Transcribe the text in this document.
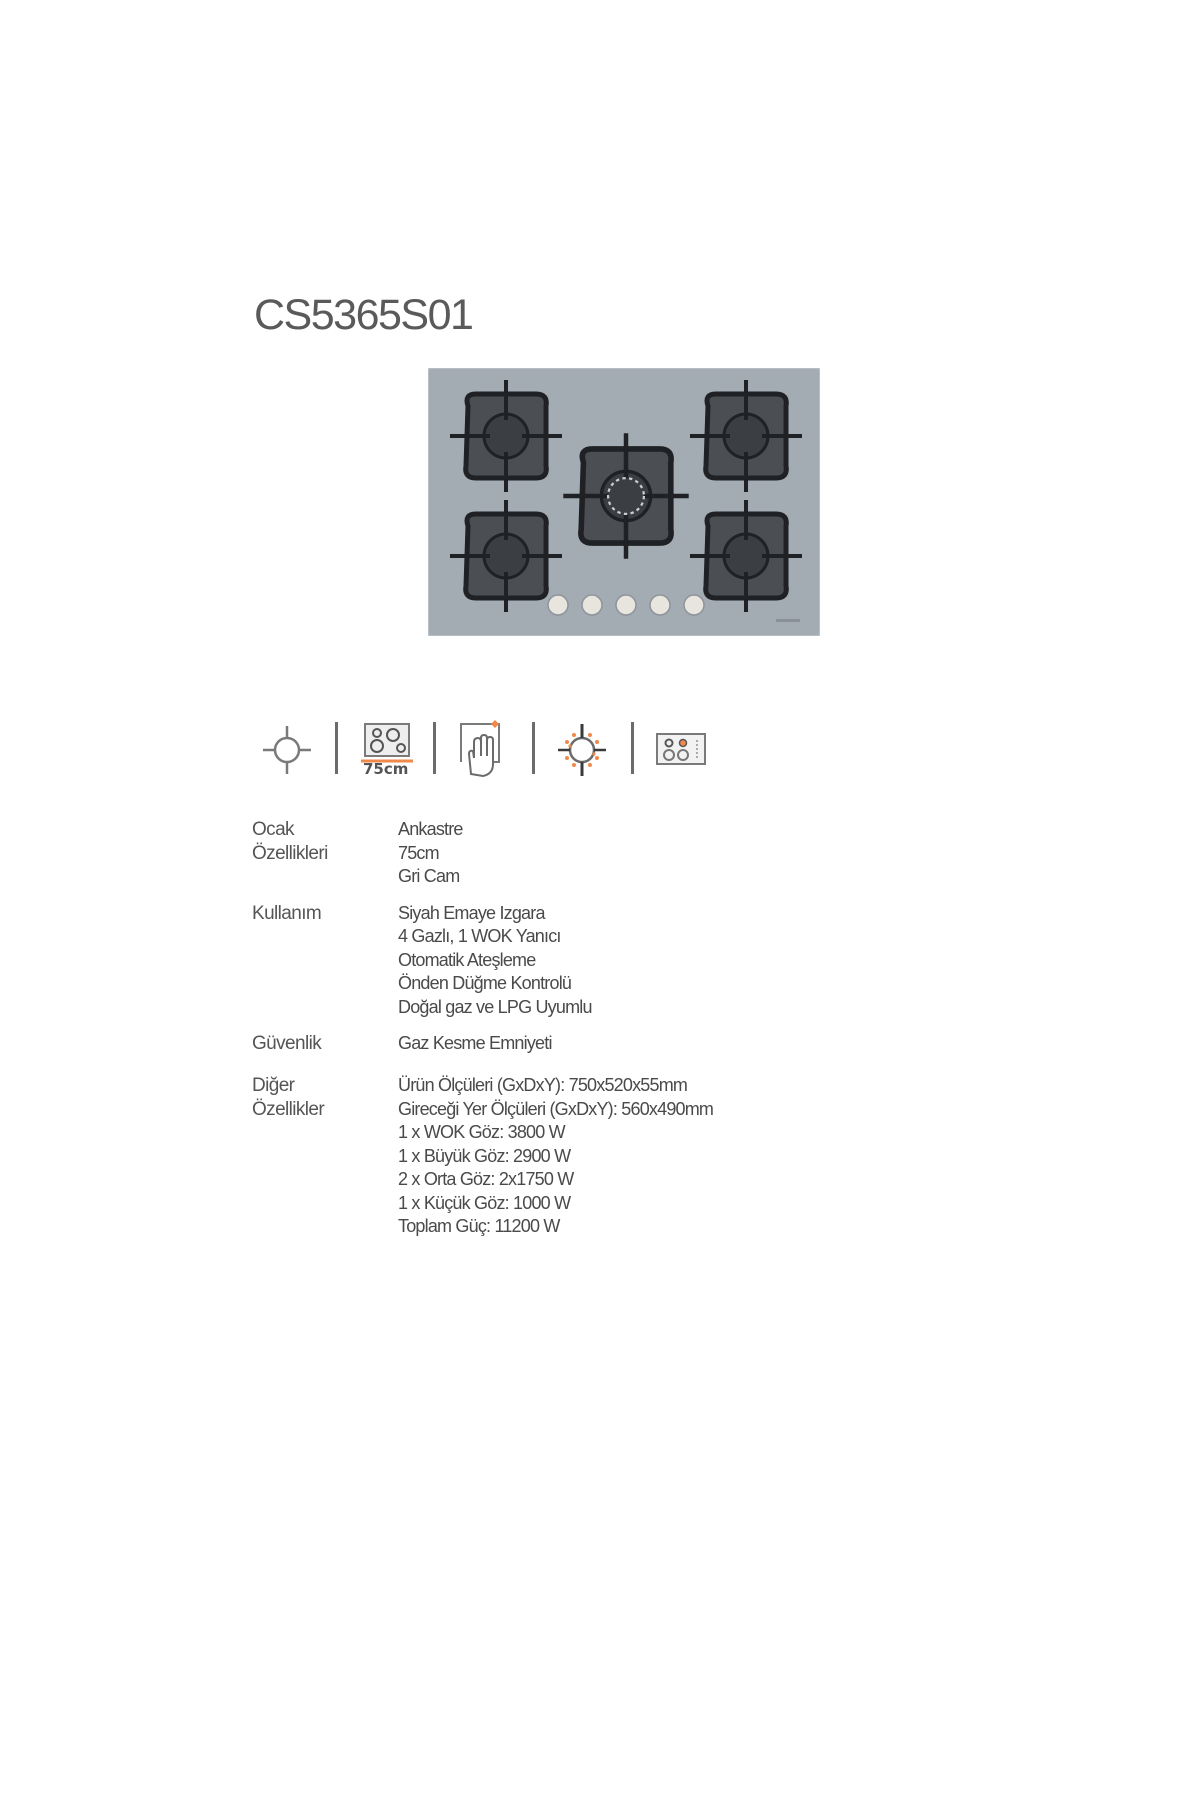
CS5365S01
75cm
Ocak
Özellikleri
Ankastre
75cm
Gri Cam
Kullanım	Siyah Emaye Izgara
4 Gazlı, 1 WOK Yanıcı
Otomatik Ateşleme
Önden Düğme Kontrolü
Doğal gaz ve LPG Uyumlu
Güvenlik	Gaz Kesme Emniyeti
Diğer
Özellikler
Ürün Ölçüleri (GxDxY): 750x520x55mm
Gireceği Yer Ölçüleri (GxDxY): 560x490mm
1 x WOK Göz: 3800 W
1 x Büyük Göz: 2900 W
2 x Orta Göz: 2x1750 W
1 x Küçük Göz: 1000 W
Toplam Güç: 11200 W
